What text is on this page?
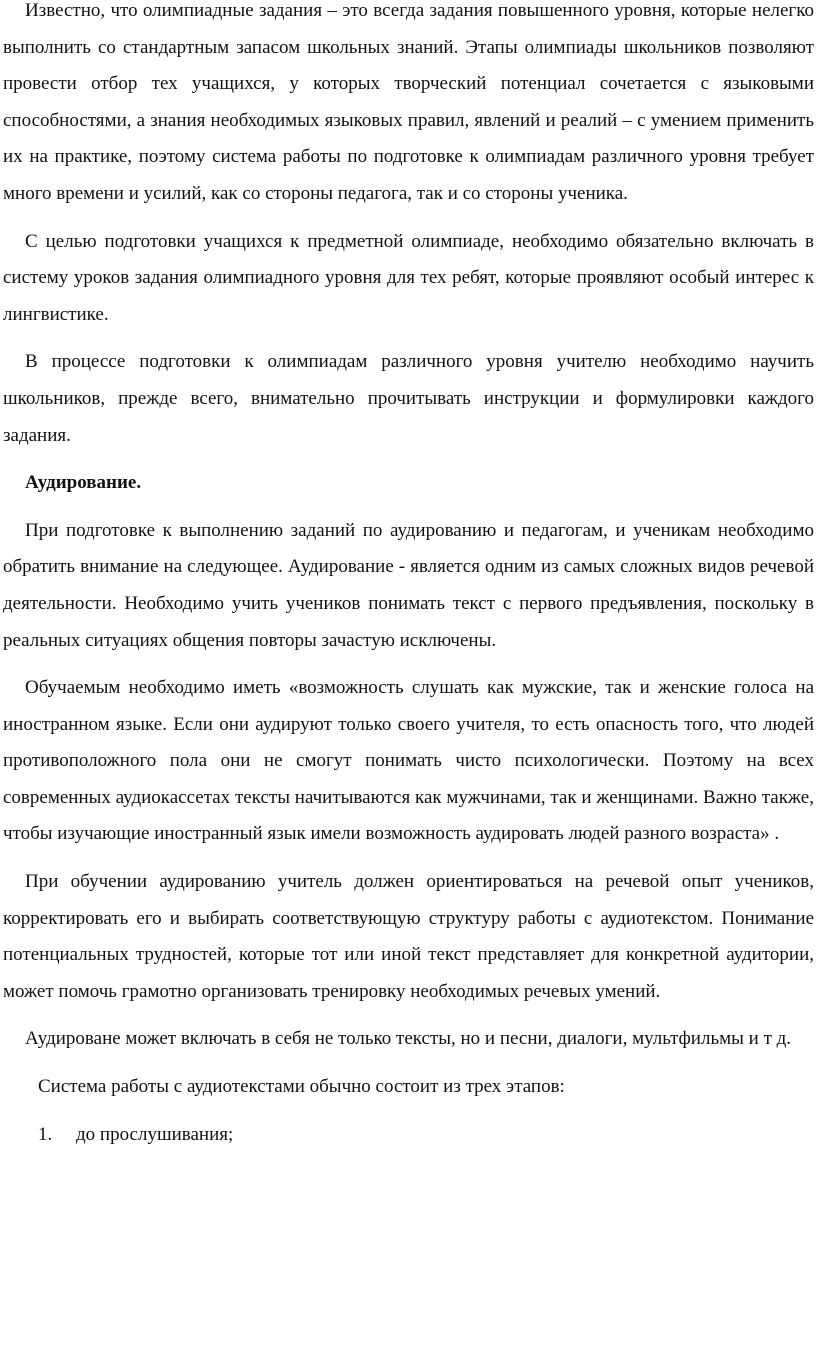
Известно, что олимпиадные задания – это всегда задания повышенного уровня, которые нелегко выполнить со стандартным запасом школьных знаний. Этапы олимпиады школьников позволяют провести отбор тех учащихся, у которых творческий потенциал сочетается с языковыми способностями, а знания необходимых языковых правил, явлений и реалий – с умением применить их на практике, поэтому система работы по подготовке к олимпиадам различного уровня требует много времени и усилий, как со стороны педагога, так и со стороны ученика.

С целью подготовки учащихся к предметной олимпиаде, необходимо обязательно включать в систему уроков задания олимпиадного уровня для тех ребят, которые проявляют особый интерес к лингвистике.

В процессе подготовки к олимпиадам различного уровня учителю необходимо научить школьников, прежде всего, внимательно прочитывать инструкции и формулировки каждого задания.

Аудирование.

При подготовке к выполнению заданий по аудированию и педагогам, и ученикам необходимо обратить внимание на следующее. Аудирование - является одним из самых сложных видов речевой деятельности. Необходимо учить учеников понимать текст с первого предъявления, поскольку в реальных ситуациях общения повторы зачастую исключены.

Обучаемым необходимо иметь «возможность слушать как мужские, так и женские голоса на иностранном языке. Если они аудируют только своего учителя, то есть опасность того, что людей противоположного пола они не смогут понимать чисто психологически. Поэтому на всех современных аудиокассетах тексты начитываются как мужчинами, так и женщинами. Важно также, чтобы изучающие иностранный язык имели возможность аудировать людей разного возраста» .

При обучении аудированию учитель должен ориентироваться на речевой опыт учеников, корректировать его и выбирать соответствующую структуру работы с аудиотекстом. Понимание потенциальных трудностей, которые тот или иной текст представляет для конкретной аудитории, может помочь грамотно организовать тренировку необходимых речевых умений.

Аудироване может включать в себя не только тексты, но и песни, диалоги, мультфильмы и т д.

Система работы с аудиотекстами обычно состоит из трех этапов:

1.	до прослушивания;
